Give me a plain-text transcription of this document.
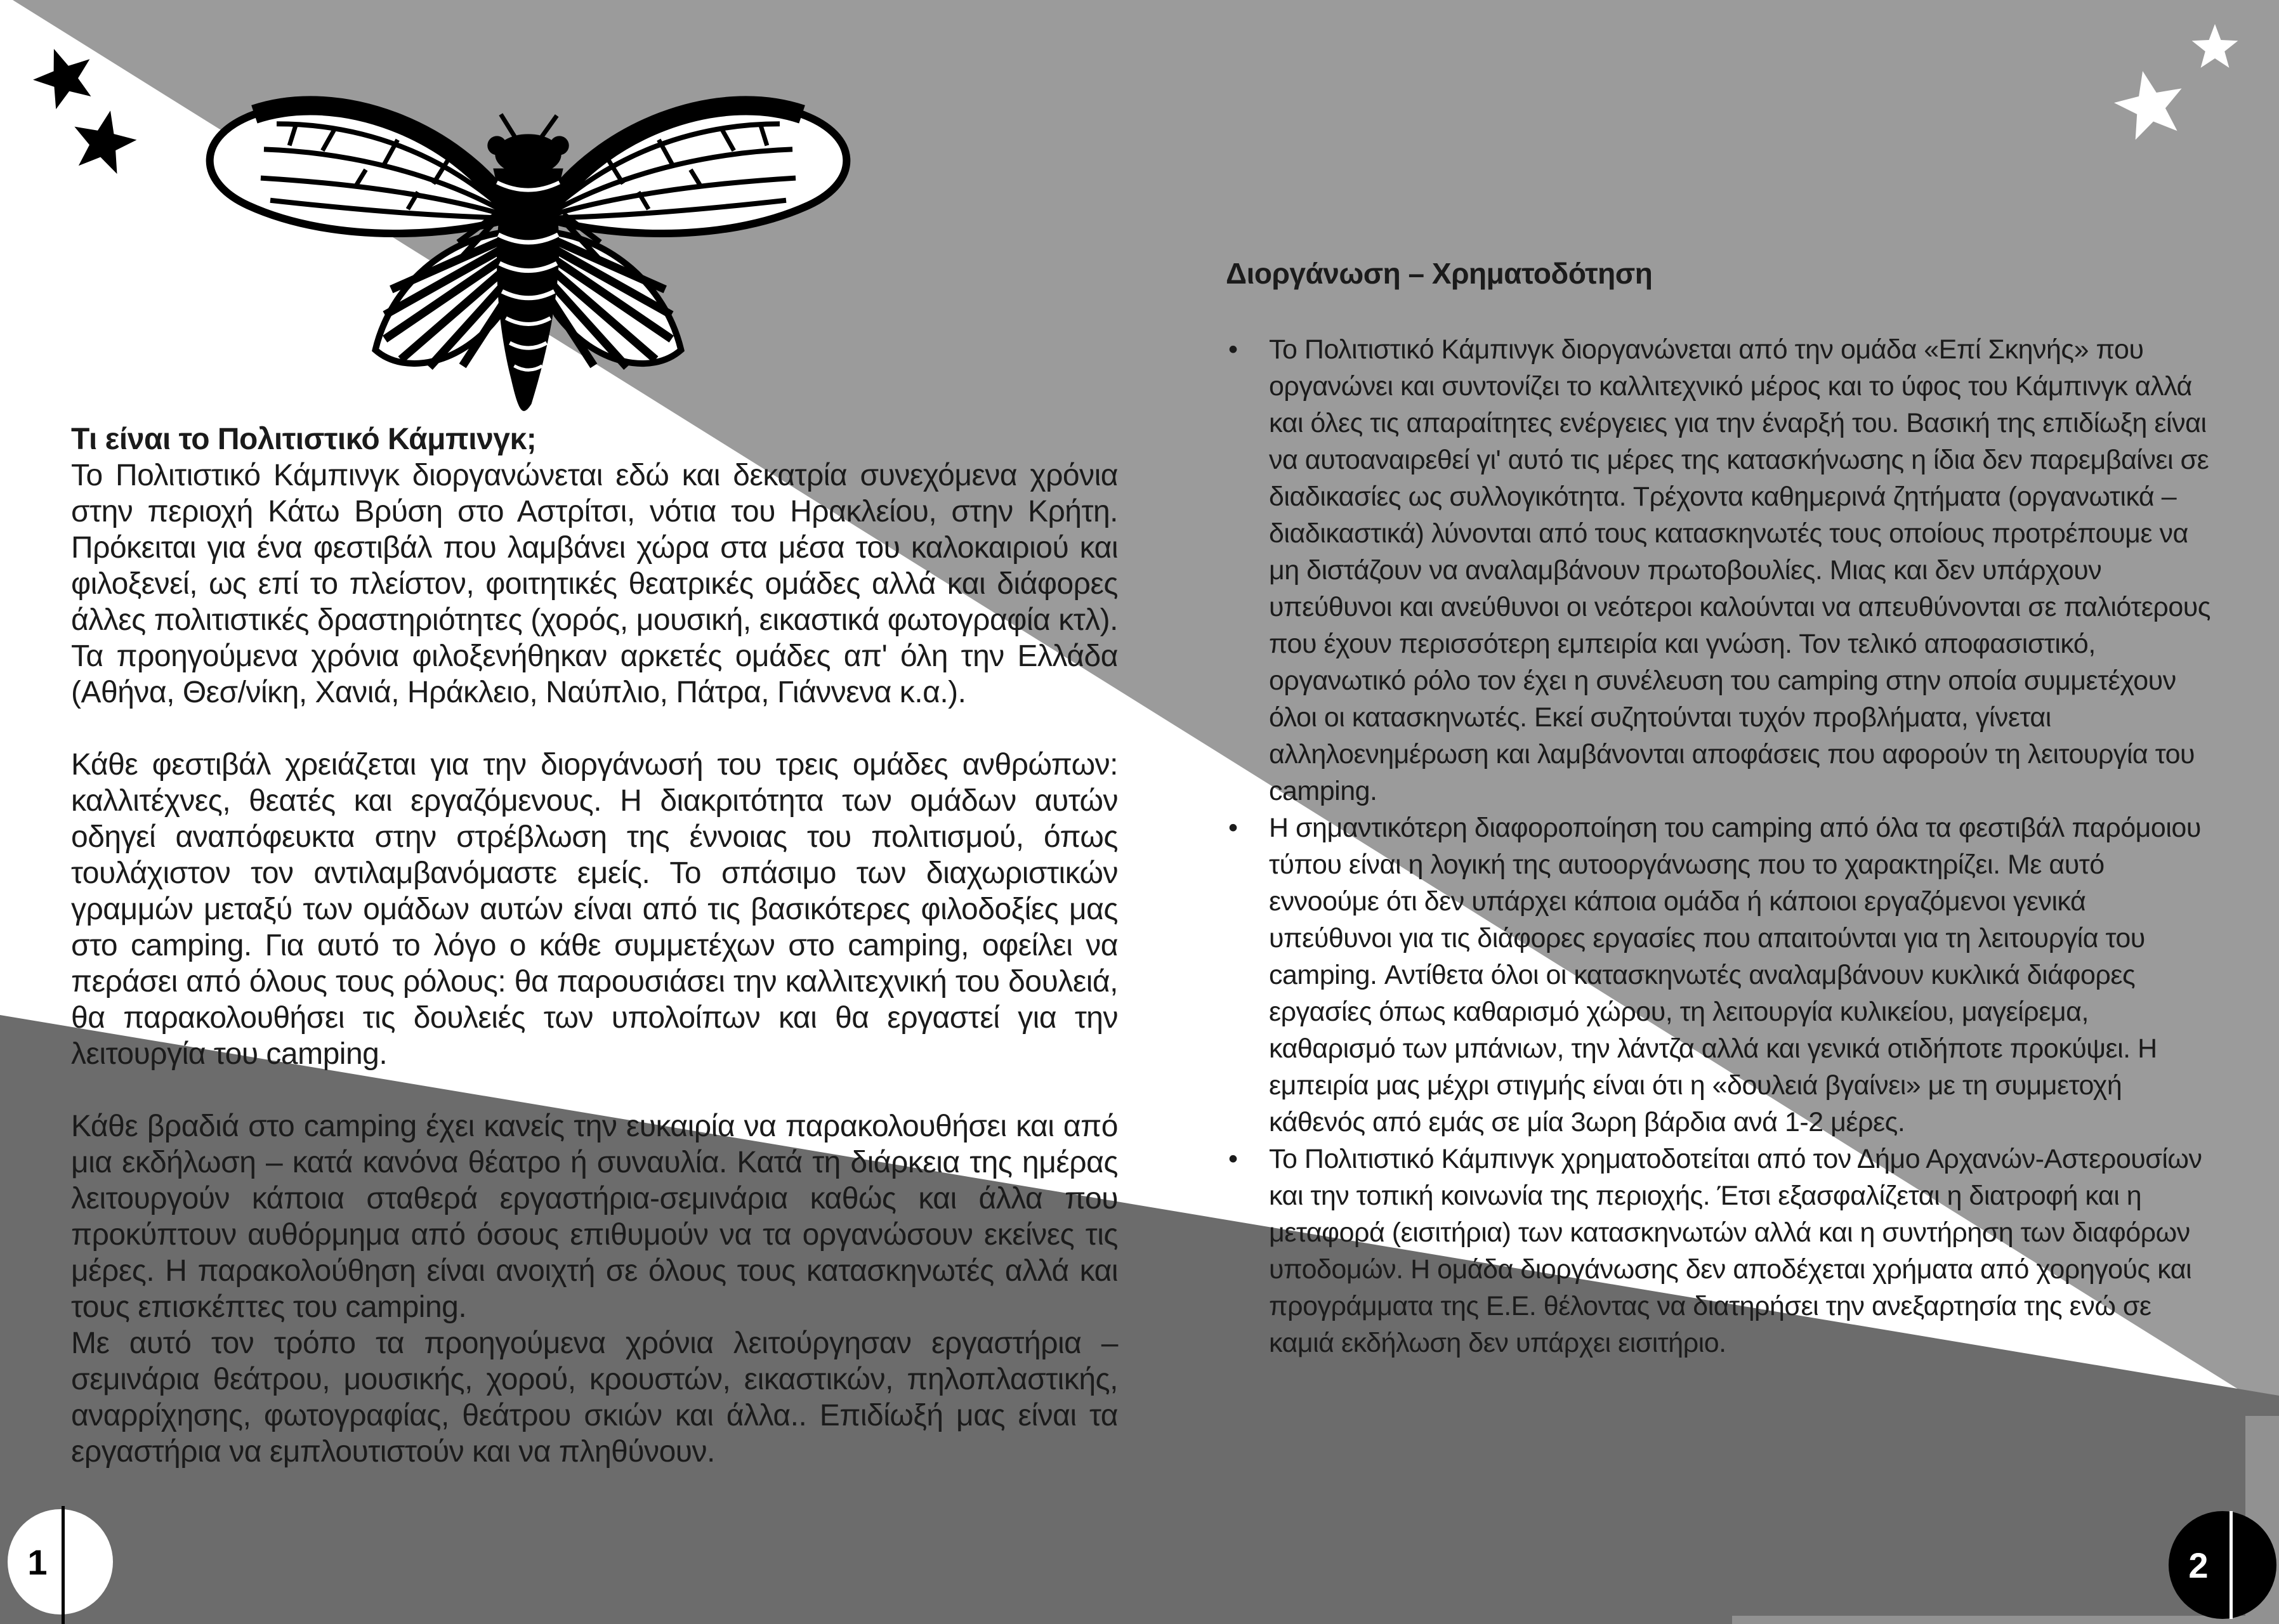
Τι είναι το Πολιτιστικό Κάμπινγκ;

Το Πολιτιστικό Κάμπινγκ διοργανώνεται εδώ και δεκατρία συνεχόμενα χρόνια στην περιοχή Κάτω Βρύση στο Αστρίτσι, νότια του Ηρακλείου, στην Κρήτη. Πρόκειται για ένα φεστιβάλ που λαμβάνει χώρα στα μέσα του καλοκαιριού και φιλοξενεί, ως επί το πλείστον, φοιτητικές θεατρικές ομάδες αλλά και διάφορες άλλες πολιτιστικές δραστηριότητες (χορός, μουσική, εικαστικά φωτογραφία κτλ). Τα προηγούμενα χρόνια φιλοξενήθηκαν αρκετές ομάδες απ' όλη την Ελλάδα (Αθήνα, Θεσ/νίκη, Χανιά, Ηράκλειο, Ναύπλιο, Πάτρα, Γιάννενα κ.α.).

Κάθε φεστιβάλ χρειάζεται για την διοργάνωσή του τρεις ομάδες ανθρώπων: καλλιτέχνες, θεατές και εργαζόμενους. Η διακριτότητα των ομάδων αυτών οδηγεί αναπόφευκτα στην στρέβλωση της έννοιας του πολιτισμού, όπως τουλάχιστον τον αντιλαμβανόμαστε εμείς. Το σπάσιμο των διαχωριστικών γραμμών μεταξύ των ομάδων αυτών είναι από τις βασικότερες φιλοδοξίες μας στο camping. Για αυτό το λόγο ο κάθε συμμετέχων στο camping, οφείλει να περάσει από όλους τους ρόλους: θα παρουσιάσει την καλλιτεχνική του δουλειά, θα παρακολουθήσει τις δουλειές των υπολοίπων και θα εργαστεί για την λειτουργία του camping.

Κάθε βραδιά στο camping έχει κανείς την ευκαιρία να παρακολουθήσει και από μια εκδήλωση – κατά κανόνα θέατρο ή συναυλία. Κατά τη διάρκεια της ημέρας λειτουργούν κάποια σταθερά εργαστήρια-σεμινάρια καθώς και άλλα που προκύπτουν αυθόρμημα από όσους επιθυμούν να τα οργανώσουν εκείνες τις μέρες. Η παρακολούθηση είναι ανοιχτή σε όλους τους κατασκηνωτές αλλά και τους επισκέπτες του camping.

Με αυτό τον τρόπο τα προηγούμενα χρόνια λειτούργησαν εργαστήρια – σεμινάρια θεάτρου, μουσικής, χορού, κρουστών, εικαστικών, πηλοπλαστικής, αναρρίχησης, φωτογραφίας, θεάτρου σκιών και άλλα.. Επιδίωξή μας είναι τα εργαστήρια να εμπλουτιστούν και να πληθύνουν.

Διοργάνωση – Χρηματοδότηση
• Το Πολιτιστικό Κάμπινγκ διοργανώνεται από την ομάδα «Επί Σκηνής» που οργανώνει και συντονίζει το καλλιτεχνικό μέρος και το ύφος του Κάμπινγκ αλλά και όλες τις απαραίτητες ενέργειες για την έναρξή του. Βασική της επιδίωξη είναι να αυτοαναιρεθεί γι' αυτό τις μέρες της κατασκήνωσης η ίδια δεν παρεμβαίνει σε διαδικασίες ως συλλογικότητα. Τρέχοντα καθημερινά ζητήματα (οργανωτικά – διαδικαστικά) λύνονται από τους κατασκηνωτές τους οποίους προτρέπουμε να μη διστάζουν να αναλαμβάνουν πρωτοβουλίες. Μιας και δεν υπάρχουν υπεύθυνοι και ανεύθυνοι οι νεότεροι καλούνται να απευθύνονται σε παλιότερους που έχουν περισσότερη εμπειρία και γνώση. Τον τελικό αποφασιστικό, οργανωτικό ρόλο τον έχει η συνέλευση του camping στην οποία συμμετέχουν όλοι οι κατασκηνωτές. Εκεί συζητούνται τυχόν προβλήματα, γίνεται αλληλοενημέρωση και λαμβάνονται αποφάσεις που αφορούν τη λειτουργία του camping.
• Η σημαντικότερη διαφοροποίηση του camping από όλα τα φεστιβάλ παρόμοιου τύπου είναι η λογική της αυτοοργάνωσης που το χαρακτηρίζει. Με αυτό εννοούμε ότι δεν υπάρχει κάποια ομάδα ή κάποιοι εργαζόμενοι γενικά υπεύθυνοι για τις διάφορες εργασίες που απαιτούνται για τη λειτουργία του camping. Αντίθετα όλοι οι κατασκηνωτές αναλαμβάνουν κυκλικά διάφορες εργασίες όπως καθαρισμό χώρου, τη λειτουργία κυλικείου, μαγείρεμα, καθαρισμό των μπάνιων, την λάντζα αλλά και γενικά οτιδήποτε προκύψει. Η εμπειρία μας μέχρι στιγμής είναι ότι η «δουλειά βγαίνει» με τη συμμετοχή κάθενός από εμάς σε μία 3ωρη βάρδια ανά 1-2 μέρες.
• Το Πολιτιστικό Κάμπινγκ χρηματοδοτείται από τον Δήμο Αρχανών-Αστερουσίων και την τοπική κοινωνία της περιοχής. Έτσι εξασφαλίζεται η διατροφή και η μεταφορά (εισιτήρια) των κατασκηνωτών αλλά και η συντήρηση των διαφόρων υποδομών. Η ομάδα διοργάνωσης δεν αποδέχεται χρήματα από χορηγούς και προγράμματα της Ε.Ε. θέλοντας να διατηρήσει την ανεξαρτησία της ενώ σε καμιά εκδήλωση δεν υπάρχει εισιτήριο.
1	2
